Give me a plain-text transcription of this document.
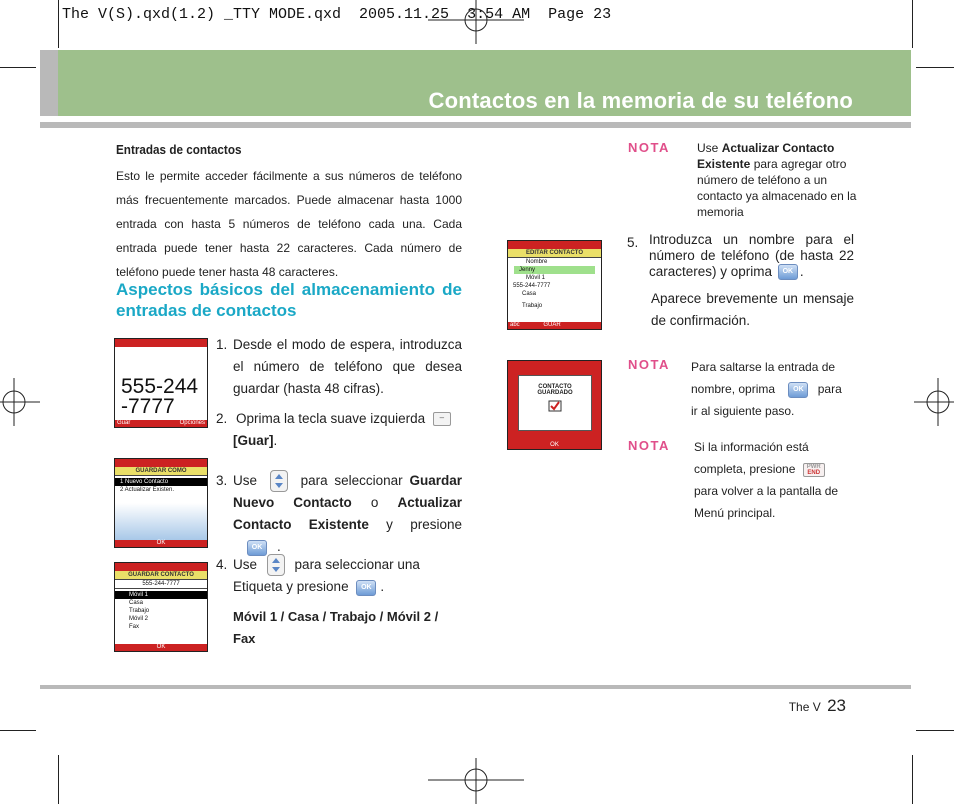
The V(S).qxd(1.2) _TTY MODE.qxd  2005.11.25  3:54 AM  Page 23
Contactos en la memoria de su teléfono
Entradas de contactos

Esto le permite acceder fácilmente a sus números de teléfono más frecuentemente marcados. Puede almacenar hasta 1000 entrada con hasta 5 números de teléfono cada una. Cada entrada puede tener hasta 22 caracteres. Cada número de teléfono puede tener hasta 48 caracteres.

Aspectos básicos del almacenamiento de entradas de contactos
555-244
-7777
Guar	Opciones
1. Desde el modo de espera, introduzca el número de teléfono que desea guardar (hasta 48 cifras).
2. Oprima la tecla suave izquierda –
[Guar].
GUARDAR COMO
1 Nuevo Contacto
2 Actualizar Existen.
OK
3. Use	para seleccionar Guardar Nuevo Contacto o Actualizar Contacto Existente y presione OK .
GUARDAR CONTACTO
555-244-7777
Móvil 1
Casa
Trabajo
Móvil 2
Fax
OK
4. Use	para seleccionar una Etiqueta y presione OK .
Móvil 1 / Casa / Trabajo / Móvil 2 / Fax
NOTA Use Actualizar Contacto Existente para agregar otro número de teléfono a un contacto ya almacenado en la memoria
EDITAR CONTACTO
Nombre
Jenny
Móvil 1
555-244-7777
Casa
Trabajo
abc	GUAR
5. Introduzca un nombre para el número de teléfono (de hasta 22 caracteres) y oprima OK .
Aparece brevemente un mensaje de confirmación.
CONTACTO
GUARDADO
OK
NOTA Para saltarse la entrada de nombre, oprima	OK para ir al siguiente paso.
NOTA Si la información está completa, presione	PWR
END
para volver a la pantalla de Menú principal.
The V 23
